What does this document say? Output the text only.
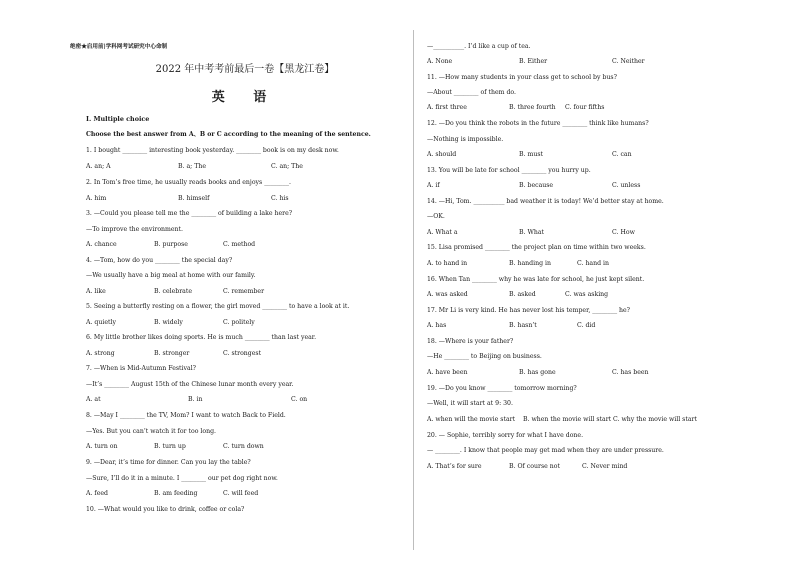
绝密★启用前|学科网考试研究中心命制
2022 年中考考前最后一卷【黑龙江卷】
英 语
I. Multiple choice
Choose the best answer from A、B or C according to the meaning of the sentence.
1. I bought ________ interesting book yesterday. ________ book is on my desk now.
A. an; A	B. a; The	C. an; The
2. In Tom’s free time, he usually reads books and enjoys ________.
A. him	B. himself	C. his
3. —Could you please tell me the ________ of building a lake here?
—To improve the environment.
A. chance	B. purpose	C. method
4. —Tom, how do you ________ the special day?
—We usually have a big meal at home with our family.
A. like	B. celebrate	C. remember
5. Seeing a butterfly resting on a flower, the girl moved ________ to have a look at it.
A. quietly	B. widely	C. politely
6. My little brother likes doing sports. He is much ________ than last year.
A. strong	B. stronger	C. strongest
7. —When is Mid-Autumn Festival?
—It’s ________ August 15th of the Chinese lunar month every year.
A. at	B. in	C. on
8. —May I ________ the TV, Mom? I want to watch Back to Field.
—Yes. But you can’t watch it for too long.
A. turn on	B. turn up	C. turn down
9. —Dear, it’s time for dinner. Can you lay the table?
—Sure, I’ll do it in a minute. I ________ our pet dog right now.
A. feed	B. am feeding	C. will feed
10. —What would you like to drink, coffee or cola?
—__________. I’d like a cup of tea.
A. None	B. Either	C. Neither
11. —How many students in your class get to school by bus?
—About ________ of them do.
A. first three	B. three fourth C. four fifths
12. —Do you think the robots in the future ________ think like humans?
—Nothing is impossible.
A. should	B. must	C. can
13. You will be late for school ________ you hurry up.
A. if	B. because	C. unless
14. —Hi, Tom. __________ bad weather it is today! We’d better stay at home.
—OK.
A. What a	B. What	C. How
15. Lisa promised ________ the project plan on time within two weeks.
A. to hand in	B. handing in	C. hand in
16. When Tan ________ why he was late for school, he just kept silent.
A. was asked	B. asked	C. was asking
17. Mr Li is very kind. He has never lost his temper, ________ he?
A. has	B. hasn’t	C. did
18. —Where is your father?
—He ________ to Beijing on business.
A. have been	B. has gone	C. has been
19. —Do you know ________ tomorrow morning?
—Well, it will start at 9: 30.
A. when will the movie start B. when the movie will start C. why the movie will start
20. — Sophie, terribly sorry for what I have done.
— ________. I know that people may get mad when they are under pressure.
A. That’s for sure	B. Of course not	C. Never mind
